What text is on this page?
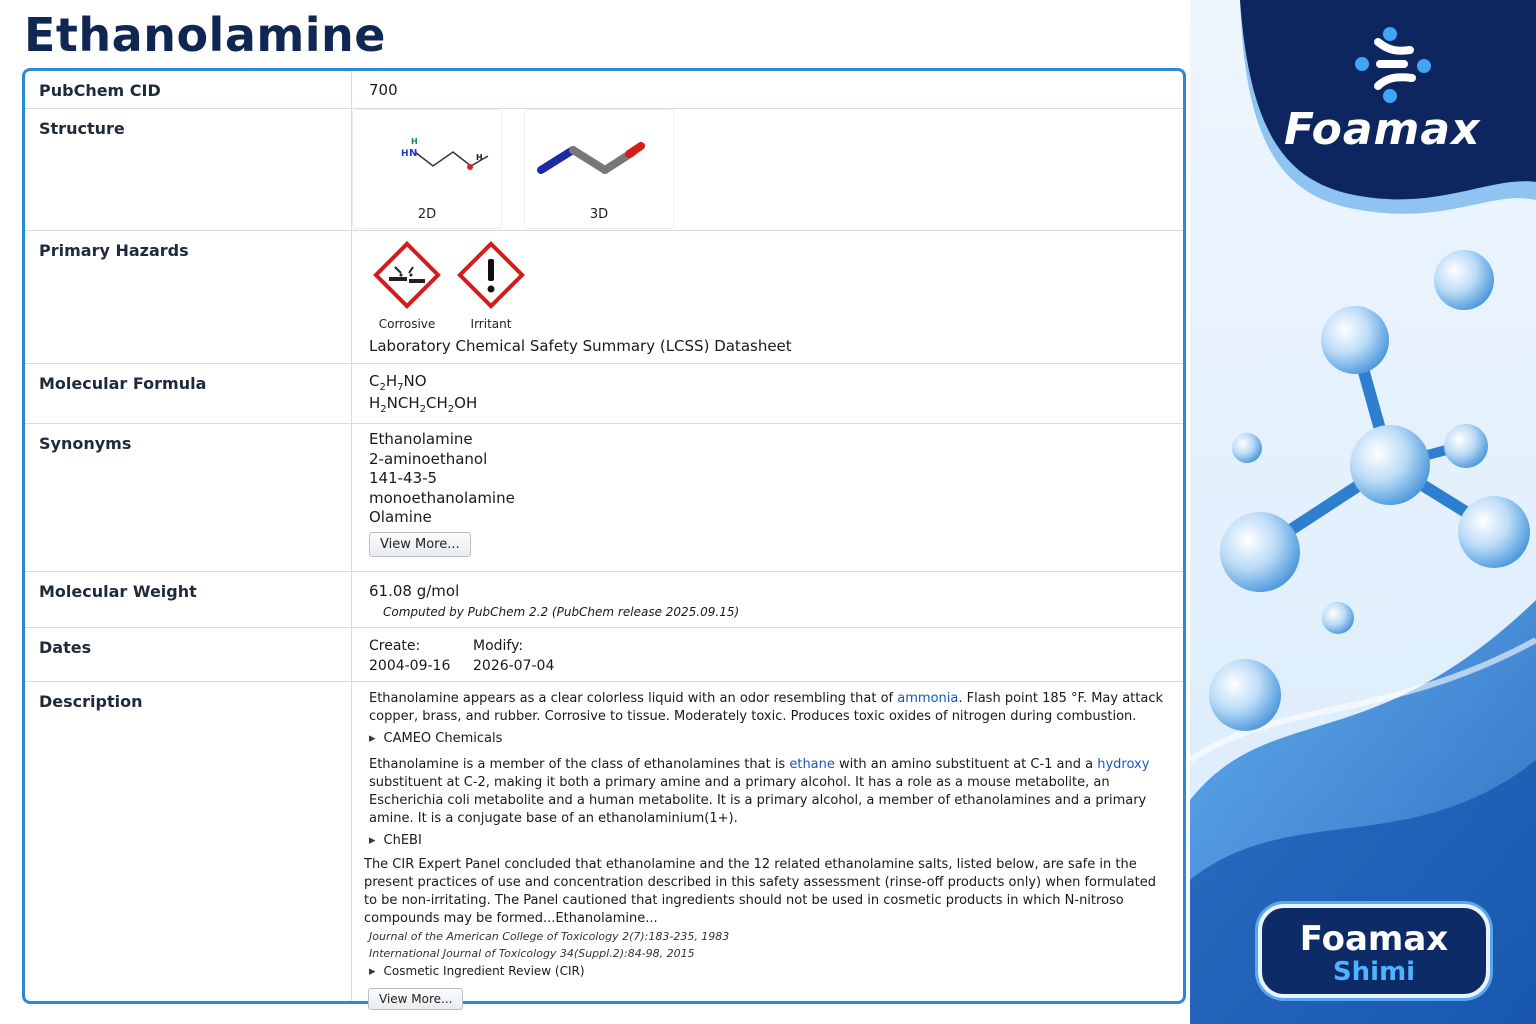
Ethanolamine
PubChem CID	700
Structure
H N
H
H
2D	3D
Primary Hazards
Corrosive	Irritant
Laboratory Chemical Safety Summary (LCSS) Datasheet
Molecular Formula	$C_2H_7NO$
$H_2NCH_2CH_2OH$
Synonyms	Ethanolamine
2-aminoethanol
141-43-5
monoethanolamine
Olamine
View More...
Molecular Weight	61.08 g/mol
Computed by PubChem 2.2 (PubChem release 2025.09.15)
Dates	Create:
2004-09-16
Modify:
2026-07-04
Description	Ethanolamine appears as a clear colorless liquid with an odor resembling that of ammonia. Flash point 185 °F. May attack

copper, brass, and rubber. Corrosive to tissue. Moderately toxic. Produces toxic oxides of nitrogen during combustion.

▸ CAMEO Chemicals

Ethanolamine is a member of the class of ethanolamines that is ethane with an amino substituent at C-1 and a hydroxy

substituent at C-2, making it both a primary amine and a primary alcohol. It has a role as a mouse metabolite, an Escherichia coli metabolite and a human metabolite. It is a primary alcohol, a member of ethanolamines and a primary amine. It is a conjugate base of an ethanolaminium(1+).

▸ ChEBI

The CIR Expert Panel concluded that ethanolamine and the 12 related ethanolamine salts, listed below, are safe in the present practices of use and concentration described in this safety assessment (rinse-off products only) when formulated to be non-irritating. The Panel cautioned that ingredients should not be used in cosmetic products in which N-nitroso compounds may be formed...Ethanolamine...

Journal of the American College of Toxicology 2(7):183-235, 1983
International Journal of Toxicology 34(Suppl.2):84-98, 2015

▸ Cosmetic Ingredient Review (CIR)

View More...
Foamax
Foamax
Shimi
